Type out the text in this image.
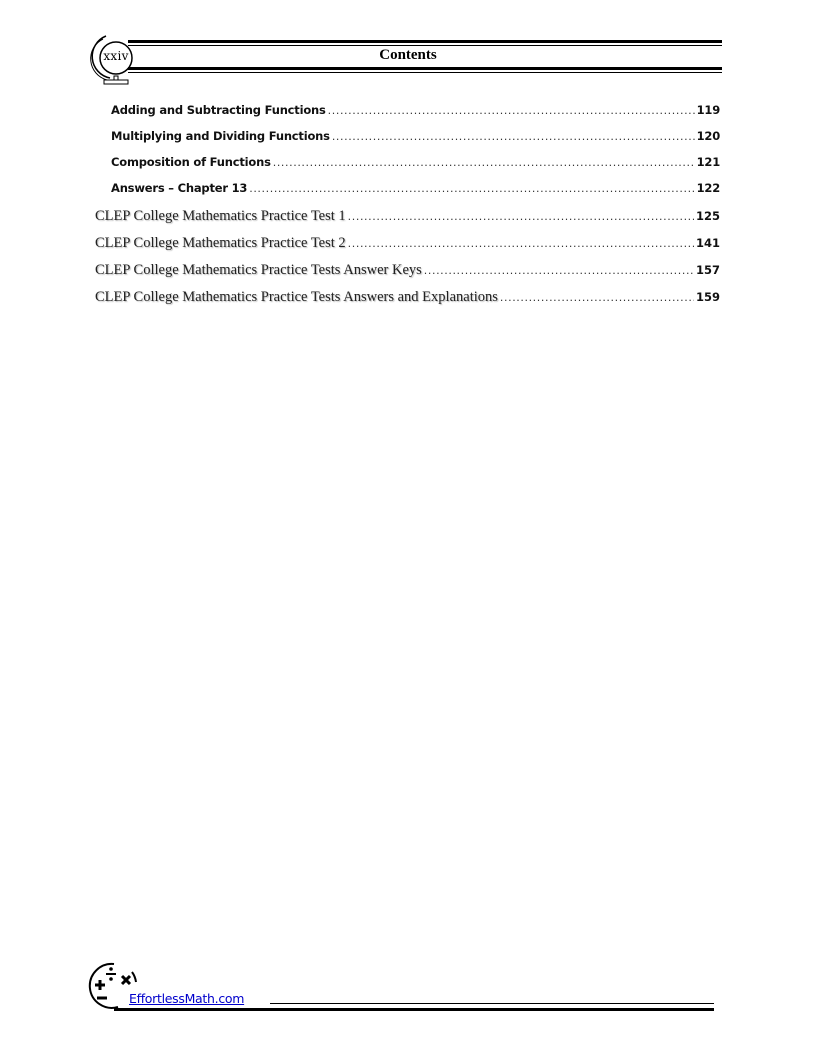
xxiv	Contents
Adding and Subtracting Functions .....	119
Multiplying and Dividing Functions .....	120
Composition of Functions .....	121
Answers – Chapter 13 .....	122
CLEP College Mathematics Practice Test 1 .....	125
CLEP College Mathematics Practice Test 2 .....	141
CLEP College Mathematics Practice Tests Answer Keys .....	157
CLEP College Mathematics Practice Tests Answers and Explanations .....	159
EffortlessMath.com
